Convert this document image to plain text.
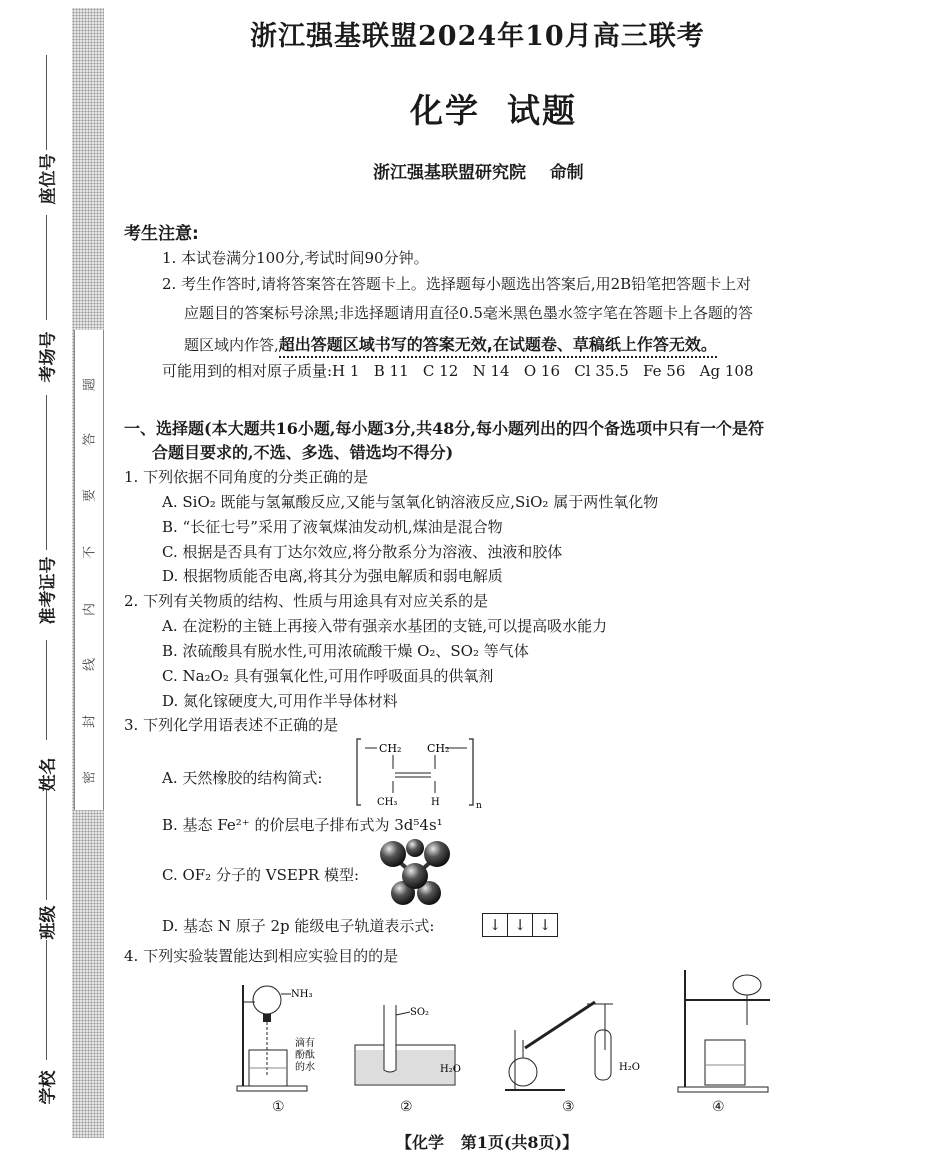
题
答
要
不
内
线
封
密
座位号
考场号
准考证号
姓名
班级
学校
浙江强基联盟2024年10月高三联考
化学  试题
浙江强基联盟研究院    命制
考生注意:
1. 本试卷满分100分,考试时间90分钟。
2. 考生作答时,请将答案答在答题卡上。选择题每小题选出答案后,用2B铅笔把答题卡上对
应题目的答案标号涂黑;非选择题请用直径0.5毫米黑色墨水签字笔在答题卡上各题的答
题区域内作答,超出答题区域书写的答案无效,在试题卷、草稿纸上作答无效。
可能用到的相对原子质量:H 1   B 11   C 12   N 14   O 16   Cl 35.5   Fe 56   Ag 108
一、选择题(本大题共16小题,每小题3分,共48分,每小题列出的四个备选项中只有一个是符
合题目要求的,不选、多选、错选均不得分)
1. 下列依据不同角度的分类正确的是
A. SiO₂ 既能与氢氟酸反应,又能与氢氧化钠溶液反应,SiO₂ 属于两性氧化物
B. “长征七号”采用了液氧煤油发动机,煤油是混合物
C. 根据是否具有丁达尔效应,将分散系分为溶液、浊液和胶体
D. 根据物质能否电离,将其分为强电解质和弱电解质
2. 下列有关物质的结构、性质与用途具有对应关系的是
A. 在淀粉的主链上再接入带有强亲水基团的支链,可以提高吸水能力
B. 浓硫酸具有脱水性,可用浓硫酸干燥 O₂、SO₂ 等气体
C. Na₂O₂ 具有强氧化性,可用作呼吸面具的供氧剂
D. 氮化镓硬度大,可用作半导体材料
3. 下列化学用语表述不正确的是
A. 天然橡胶的结构简式:
CH₂ CH₂
CH₃	H	n
B. 基态 Fe²⁺ 的价层电子排布式为 3d⁵4s¹
C. OF₂ 分子的 VSEPR 模型:
D. 基态 N 原子 2p 能级电子轨道表示式:	↓ ↓ ↓
4. 下列实验装置能达到相应实验目的的是
NH₃
滴有
酚酞
的水
SO₂
H₂O	H₂O
①	②	③	④
【化学   第1页(共8页)】
